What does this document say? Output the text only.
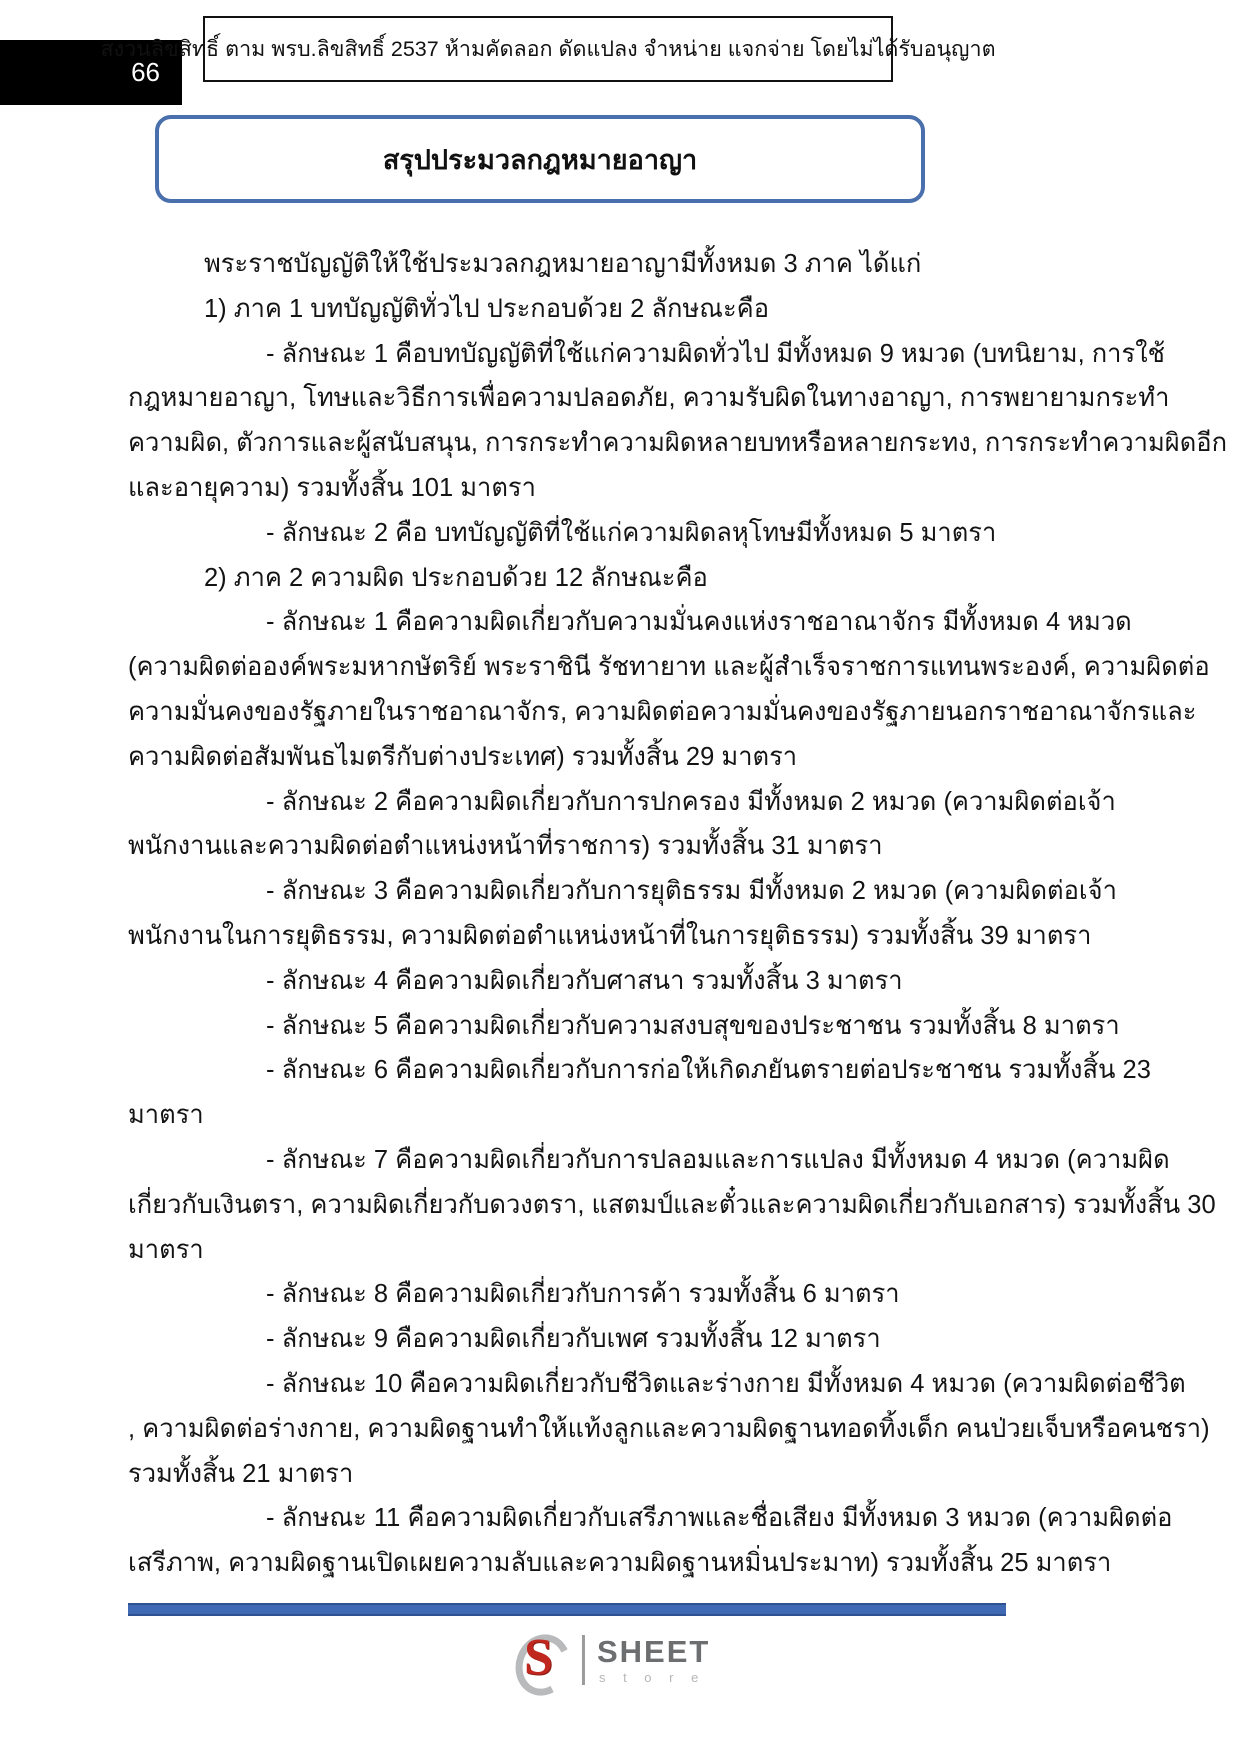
66
สงวนลิขสิทธิ์ ตาม พรบ.ลิขสิทธิ์ 2537 ห้ามคัดลอก ดัดแปลง จำหน่าย แจกจ่าย โดยไม่ได้รับอนุญาต
สรุปประมวลกฎหมายอาญา
พระราชบัญญัติให้ใช้ประมวลกฎหมายอาญามีทั้งหมด 3 ภาค ได้แก่
1) ภาค 1 บทบัญญัติทั่วไป ประกอบด้วย 2 ลักษณะคือ
- ลักษณะ 1 คือบทบัญญัติที่ใช้แก่ความผิดทั่วไป มีทั้งหมด 9 หมวด (บทนิยาม, การใช้
กฎหมายอาญา, โทษและวิธีการเพื่อความปลอดภัย, ความรับผิดในทางอาญา, การพยายามกระทำ
ความผิด, ตัวการและผู้สนับสนุน, การกระทำความผิดหลายบทหรือหลายกระทง, การกระทำความผิดอีก
และอายุความ) รวมทั้งสิ้น 101 มาตรา
- ลักษณะ 2 คือ บทบัญญัติที่ใช้แก่ความผิดลหุโทษมีทั้งหมด 5 มาตรา
2) ภาค 2 ความผิด ประกอบด้วย 12 ลักษณะคือ
- ลักษณะ 1 คือความผิดเกี่ยวกับความมั่นคงแห่งราชอาณาจักร มีทั้งหมด 4 หมวด
(ความผิดต่อองค์พระมหากษัตริย์ พระราชินี รัชทายาท และผู้สำเร็จราชการแทนพระองค์, ความผิดต่อ
ความมั่นคงของรัฐภายในราชอาณาจักร, ความผิดต่อความมั่นคงของรัฐภายนอกราชอาณาจักรและ
ความผิดต่อสัมพันธไมตรีกับต่างประเทศ) รวมทั้งสิ้น 29 มาตรา
- ลักษณะ 2 คือความผิดเกี่ยวกับการปกครอง มีทั้งหมด 2 หมวด (ความผิดต่อเจ้า
พนักงานและความผิดต่อตำแหน่งหน้าที่ราชการ) รวมทั้งสิ้น 31 มาตรา
- ลักษณะ 3 คือความผิดเกี่ยวกับการยุติธรรม มีทั้งหมด 2 หมวด (ความผิดต่อเจ้า
พนักงานในการยุติธรรม, ความผิดต่อตำแหน่งหน้าที่ในการยุติธรรม) รวมทั้งสิ้น 39 มาตรา
- ลักษณะ 4 คือความผิดเกี่ยวกับศาสนา รวมทั้งสิ้น 3 มาตรา
- ลักษณะ 5 คือความผิดเกี่ยวกับความสงบสุขของประชาชน รวมทั้งสิ้น 8 มาตรา
- ลักษณะ 6 คือความผิดเกี่ยวกับการก่อให้เกิดภยันตรายต่อประชาชน รวมทั้งสิ้น 23
มาตรา
- ลักษณะ 7 คือความผิดเกี่ยวกับการปลอมและการแปลง มีทั้งหมด 4 หมวด (ความผิด
เกี่ยวกับเงินตรา, ความผิดเกี่ยวกับดวงตรา, แสตมป์และตั๋วและความผิดเกี่ยวกับเอกสาร) รวมทั้งสิ้น 30
มาตรา
- ลักษณะ 8 คือความผิดเกี่ยวกับการค้า รวมทั้งสิ้น 6 มาตรา
- ลักษณะ 9 คือความผิดเกี่ยวกับเพศ รวมทั้งสิ้น 12 มาตรา
- ลักษณะ 10 คือความผิดเกี่ยวกับชีวิตและร่างกาย มีทั้งหมด 4 หมวด (ความผิดต่อชีวิต
, ความผิดต่อร่างกาย, ความผิดฐานทำให้แท้งลูกและความผิดฐานทอดทิ้งเด็ก คนป่วยเจ็บหรือคนชรา)
รวมทั้งสิ้น 21 มาตรา
- ลักษณะ 11 คือความผิดเกี่ยวกับเสรีภาพและชื่อเสียง มีทั้งหมด 3 หมวด (ความผิดต่อ
เสรีภาพ, ความผิดฐานเปิดเผยความลับและความผิดฐานหมิ่นประมาท) รวมทั้งสิ้น 25 มาตรา
S SHEET
s t o r e
